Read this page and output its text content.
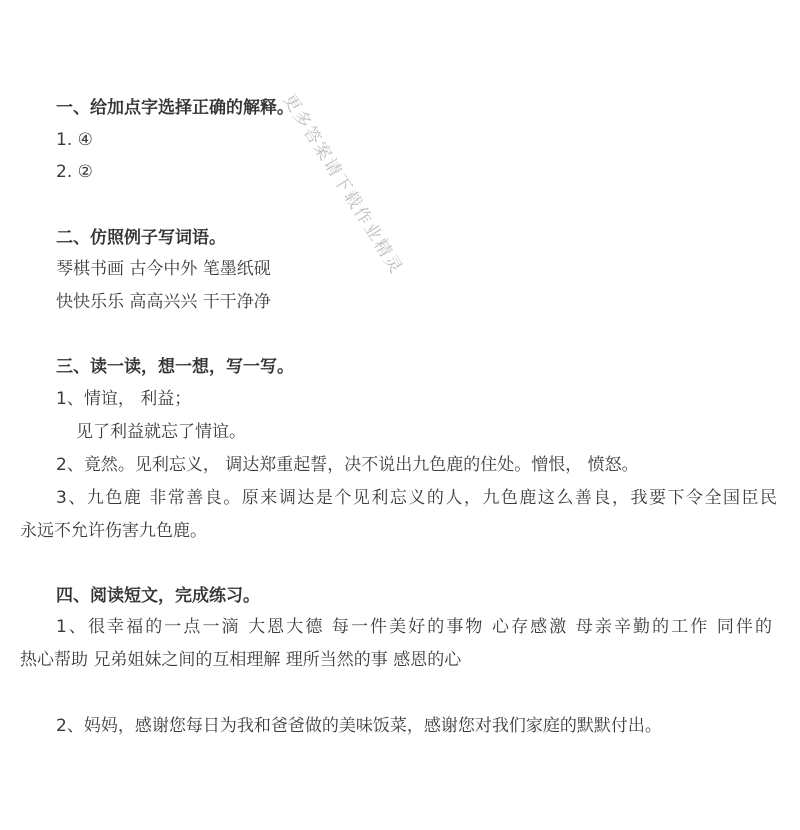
更多答案请下载作业精灵
一、给加点字选择正确的解释。
1. ④
2. ②
二、仿照例子写词语。
琴棋书画 古今中外 笔墨纸砚
快快乐乐 高高兴兴 干干净净
三、读一读，想一想，写一写。
1、情谊， 利益；
见了利益就忘了情谊。
2、竟然。见利忘义， 调达郑重起誓，决不说出九色鹿的住处。憎恨， 愤怒。
3、九色鹿 非常善良。原来调达是个见利忘义的人，九色鹿这么善良，我要下令全国臣民
永远不允许伤害九色鹿。
四、阅读短文，完成练习。
1、很幸福的一点一滴 大恩大德 每一件美好的事物 心存感激 母亲辛勤的工作 同伴的
热心帮助 兄弟姐妹之间的互相理解 理所当然的事 感恩的心
2、妈妈，感谢您每日为我和爸爸做的美味饭菜，感谢您对我们家庭的默默付出。
